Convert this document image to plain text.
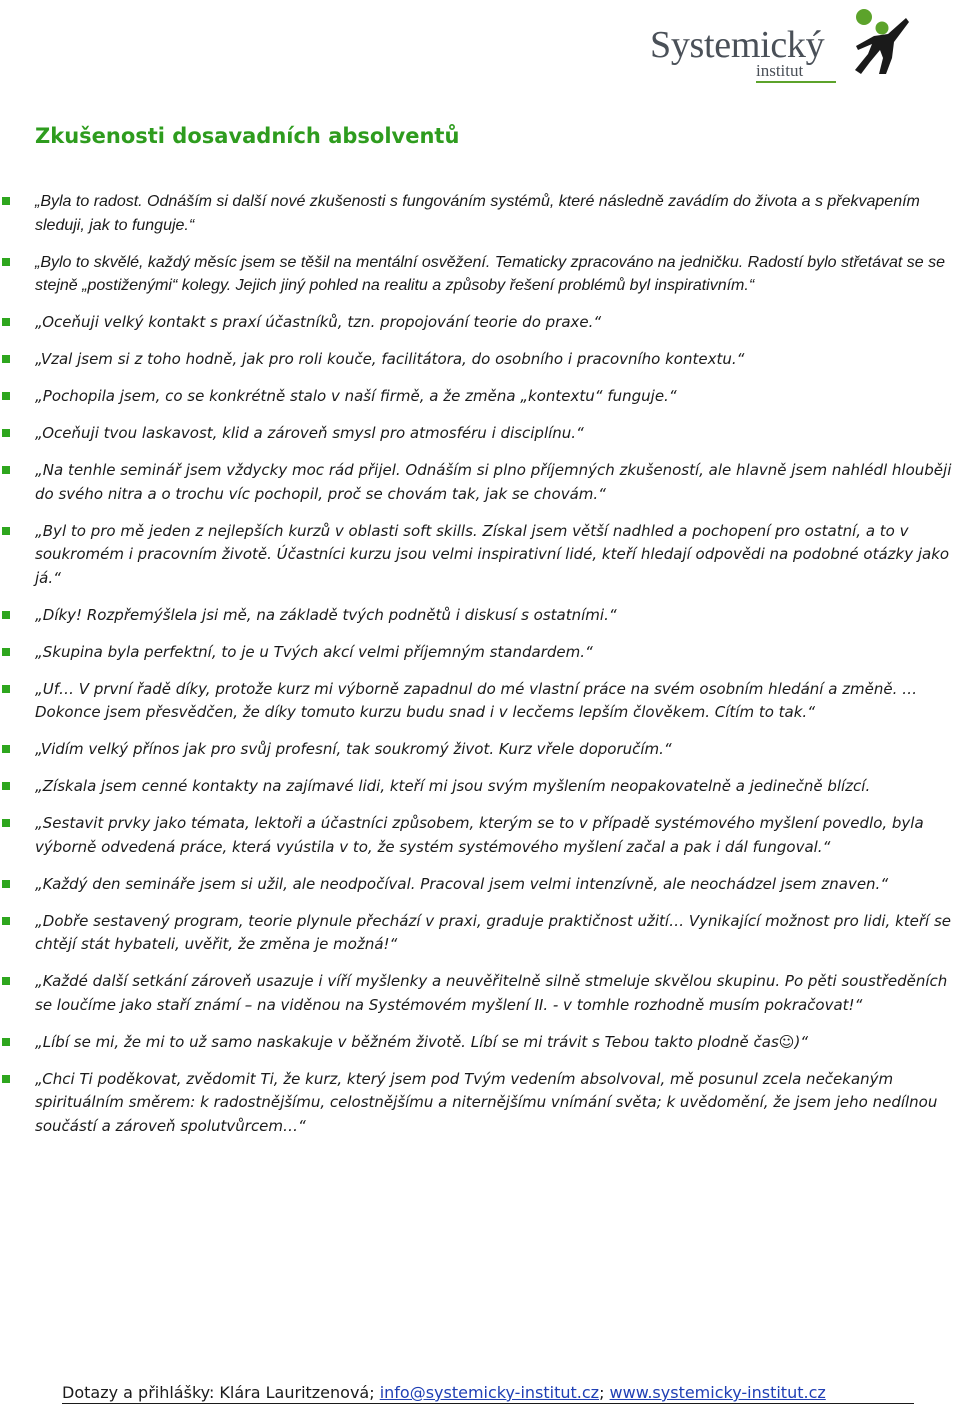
Systemický
institut
Zkušenosti dosavadních absolventů

„Byla to radost. Odnáším si další nové zkušenosti s fungováním systémů, které následně zavádím do života a s překvapením sleduji, jak to funguje.“

„Bylo to skvělé, každý měsíc jsem se těšil na mentální osvěžení. Tematicky zpracováno na jedničku. Radostí bylo střetávat se se stejně „postiženými“ kolegy. Jejich jiný pohled na realitu a způsoby řešení problémů byl inspirativním.“

„Oceňuji velký kontakt s praxí účastníků, tzn. propojování teorie do praxe.“

„Vzal jsem si z toho hodně, jak pro roli kouče, facilitátora, do osobního i pracovního kontextu.“

„Pochopila jsem, co se konkrétně stalo v naší firmě, a že změna „kontextu“ funguje.“

„Oceňuji tvou laskavost, klid a zároveň smysl pro atmosféru i disciplínu.“

„Na tenhle seminář jsem vždycky moc rád přijel. Odnáším si plno příjemných zkušeností, ale hlavně jsem nahlédl hlouběji do svého nitra a o trochu víc pochopil, proč se chovám tak, jak se chovám.“

„Byl to pro mě jeden z nejlepších kurzů v oblasti soft skills. Získal jsem větší nadhled a pochopení pro ostatní, a to v soukromém i pracovním životě. Účastníci kurzu jsou velmi inspirativní lidé, kteří hledají odpovědi na podobné otázky jako já.“

„Díky! Rozpřemýšlela jsi mě, na základě tvých podnětů i diskusí s ostatními.“

„Skupina byla perfektní, to je u Tvých akcí velmi příjemným standardem.“

„Uf… V první řadě díky, protože kurz mi výborně zapadnul do mé vlastní práce na svém osobním hledání a změně. … Dokonce jsem přesvědčen, že díky tomuto kurzu budu snad i v lecčems lepším člověkem. Cítím to tak.“

„Vidím velký přínos jak pro svůj profesní, tak soukromý život. Kurz vřele doporučím.“

„Získala jsem cenné kontakty na zajímavé lidi, kteří mi jsou svým myšlením neopakovatelně a jedinečně blízcí.

„Sestavit prvky jako témata, lektoři a účastníci způsobem, kterým se to v případě systémového myšlení povedlo, byla výborně odvedená práce, která vyústila v to, že systém systémového myšlení začal a pak i dál fungoval.“

„Každý den semináře jsem si užil, ale neodpočíval. Pracoval jsem velmi intenzívně, ale neochádzel jsem znaven.“

„Dobře sestavený program, teorie plynule přechází v praxi, graduje praktičnost užití… Vynikající možnost pro lidi, kteří se chtějí stát hybateli, uvěřit, že změna je možná!“

„Každé další setkání zároveň usazuje i víří myšlenky a neuvěřitelně silně stmeluje skvělou skupinu. Po pěti soustředěních se loučíme jako staří známí – na viděnou na Systémovém myšlení II. - v tomhle rozhodně musím pokračovat!“

„Líbí se mi, že mi to už samo naskakuje v běžném životě. Líbí se mi trávit s Tebou takto plodně čas☺)“

„Chci Ti poděkovat, zvědomit Ti, že kurz, který jsem pod Tvým vedením absolvoval, mě posunul zcela nečekaným spirituálním směrem: k radostnějšímu, celostnějšímu a niternějšímu vnímání světa; k uvědomění, že jsem jeho nedílnou součástí a zároveň spolutvůrcem…“

Dotazy a přihlášky: Klára Lauritzenová; info@systemicky-institut.cz; www.systemicky-institut.cz
